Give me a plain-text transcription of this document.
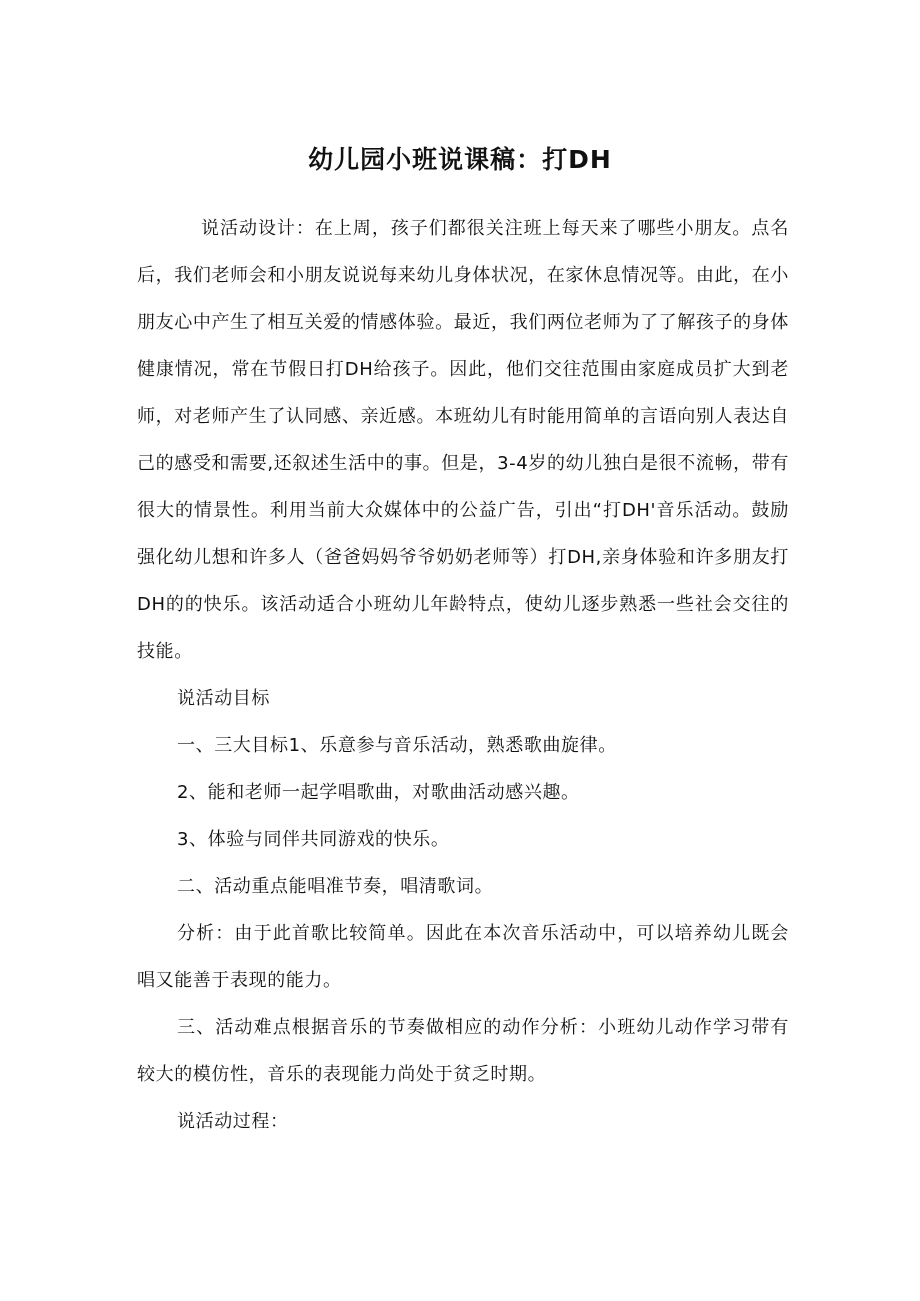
幼儿园小班说课稿：打DH

说活动设计：在上周，孩子们都很关注班上每天来了哪些小朋友。点名后，我们老师会和小朋友说说每来幼儿身体状况，在家休息情况等。由此，在小朋友心中产生了相互关爱的情感体验。最近，我们两位老师为了了解孩子的身体健康情况，常在节假日打DH给孩子。因此，他们交往范围由家庭成员扩大到老师，对老师产生了认同感、亲近感。本班幼儿有时能用简单的言语向别人表达自己的感受和需要,还叙述生活中的事。但是，3-4岁的幼儿独白是很不流畅，带有很大的情景性。利用当前大众媒体中的公益广告，引出“打DH'音乐活动。鼓励强化幼儿想和许多人（爸爸妈妈爷爷奶奶老师等）打DH,亲身体验和许多朋友打DH的的快乐。该活动适合小班幼儿年龄特点，使幼儿逐步熟悉一些社会交往的技能。

说活动目标

一、三大目标1、乐意参与音乐活动，熟悉歌曲旋律。

2、能和老师一起学唱歌曲，对歌曲活动感兴趣。

3、体验与同伴共同游戏的快乐。

二、活动重点能唱准节奏，唱清歌词。

分析：由于此首歌比较简单。因此在本次音乐活动中，可以培养幼儿既会唱又能善于表现的能力。

三、活动难点根据音乐的节奏做相应的动作分析：小班幼儿动作学习带有较大的模仿性，音乐的表现能力尚处于贫乏时期。

说活动过程：
